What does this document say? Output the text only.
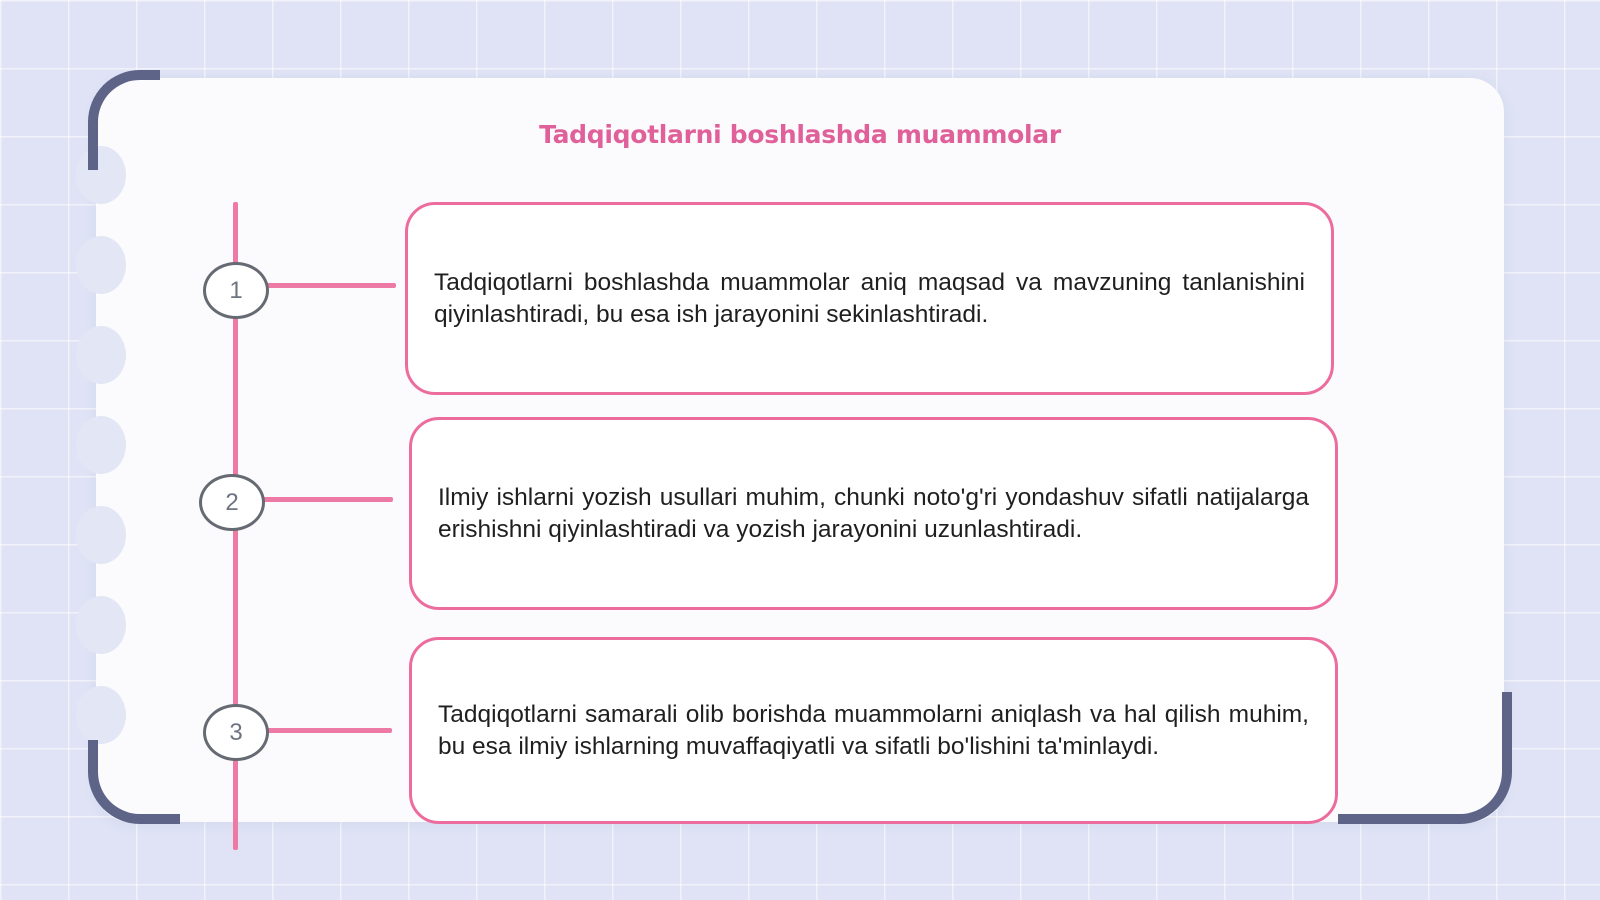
Tadqiqotlarni boshlashda muammolar
1
2
3

Tadqiqotlarni boshlashda muammolar aniq maqsad va mavzuning tanlanishini qiyinlashtiradi, bu esa ish jarayonini sekinlashtiradi.

Ilmiy ishlarni yozish usullari muhim, chunki noto'g'ri yondashuv sifatli natijalarga erishishni qiyinlashtiradi va yozish jarayonini uzunlashtiradi.

Tadqiqotlarni samarali olib borishda muammolarni aniqlash va hal qilish muhim, bu esa ilmiy ishlarning muvaffaqiyatli va sifatli bo'lishini ta'minlaydi.
